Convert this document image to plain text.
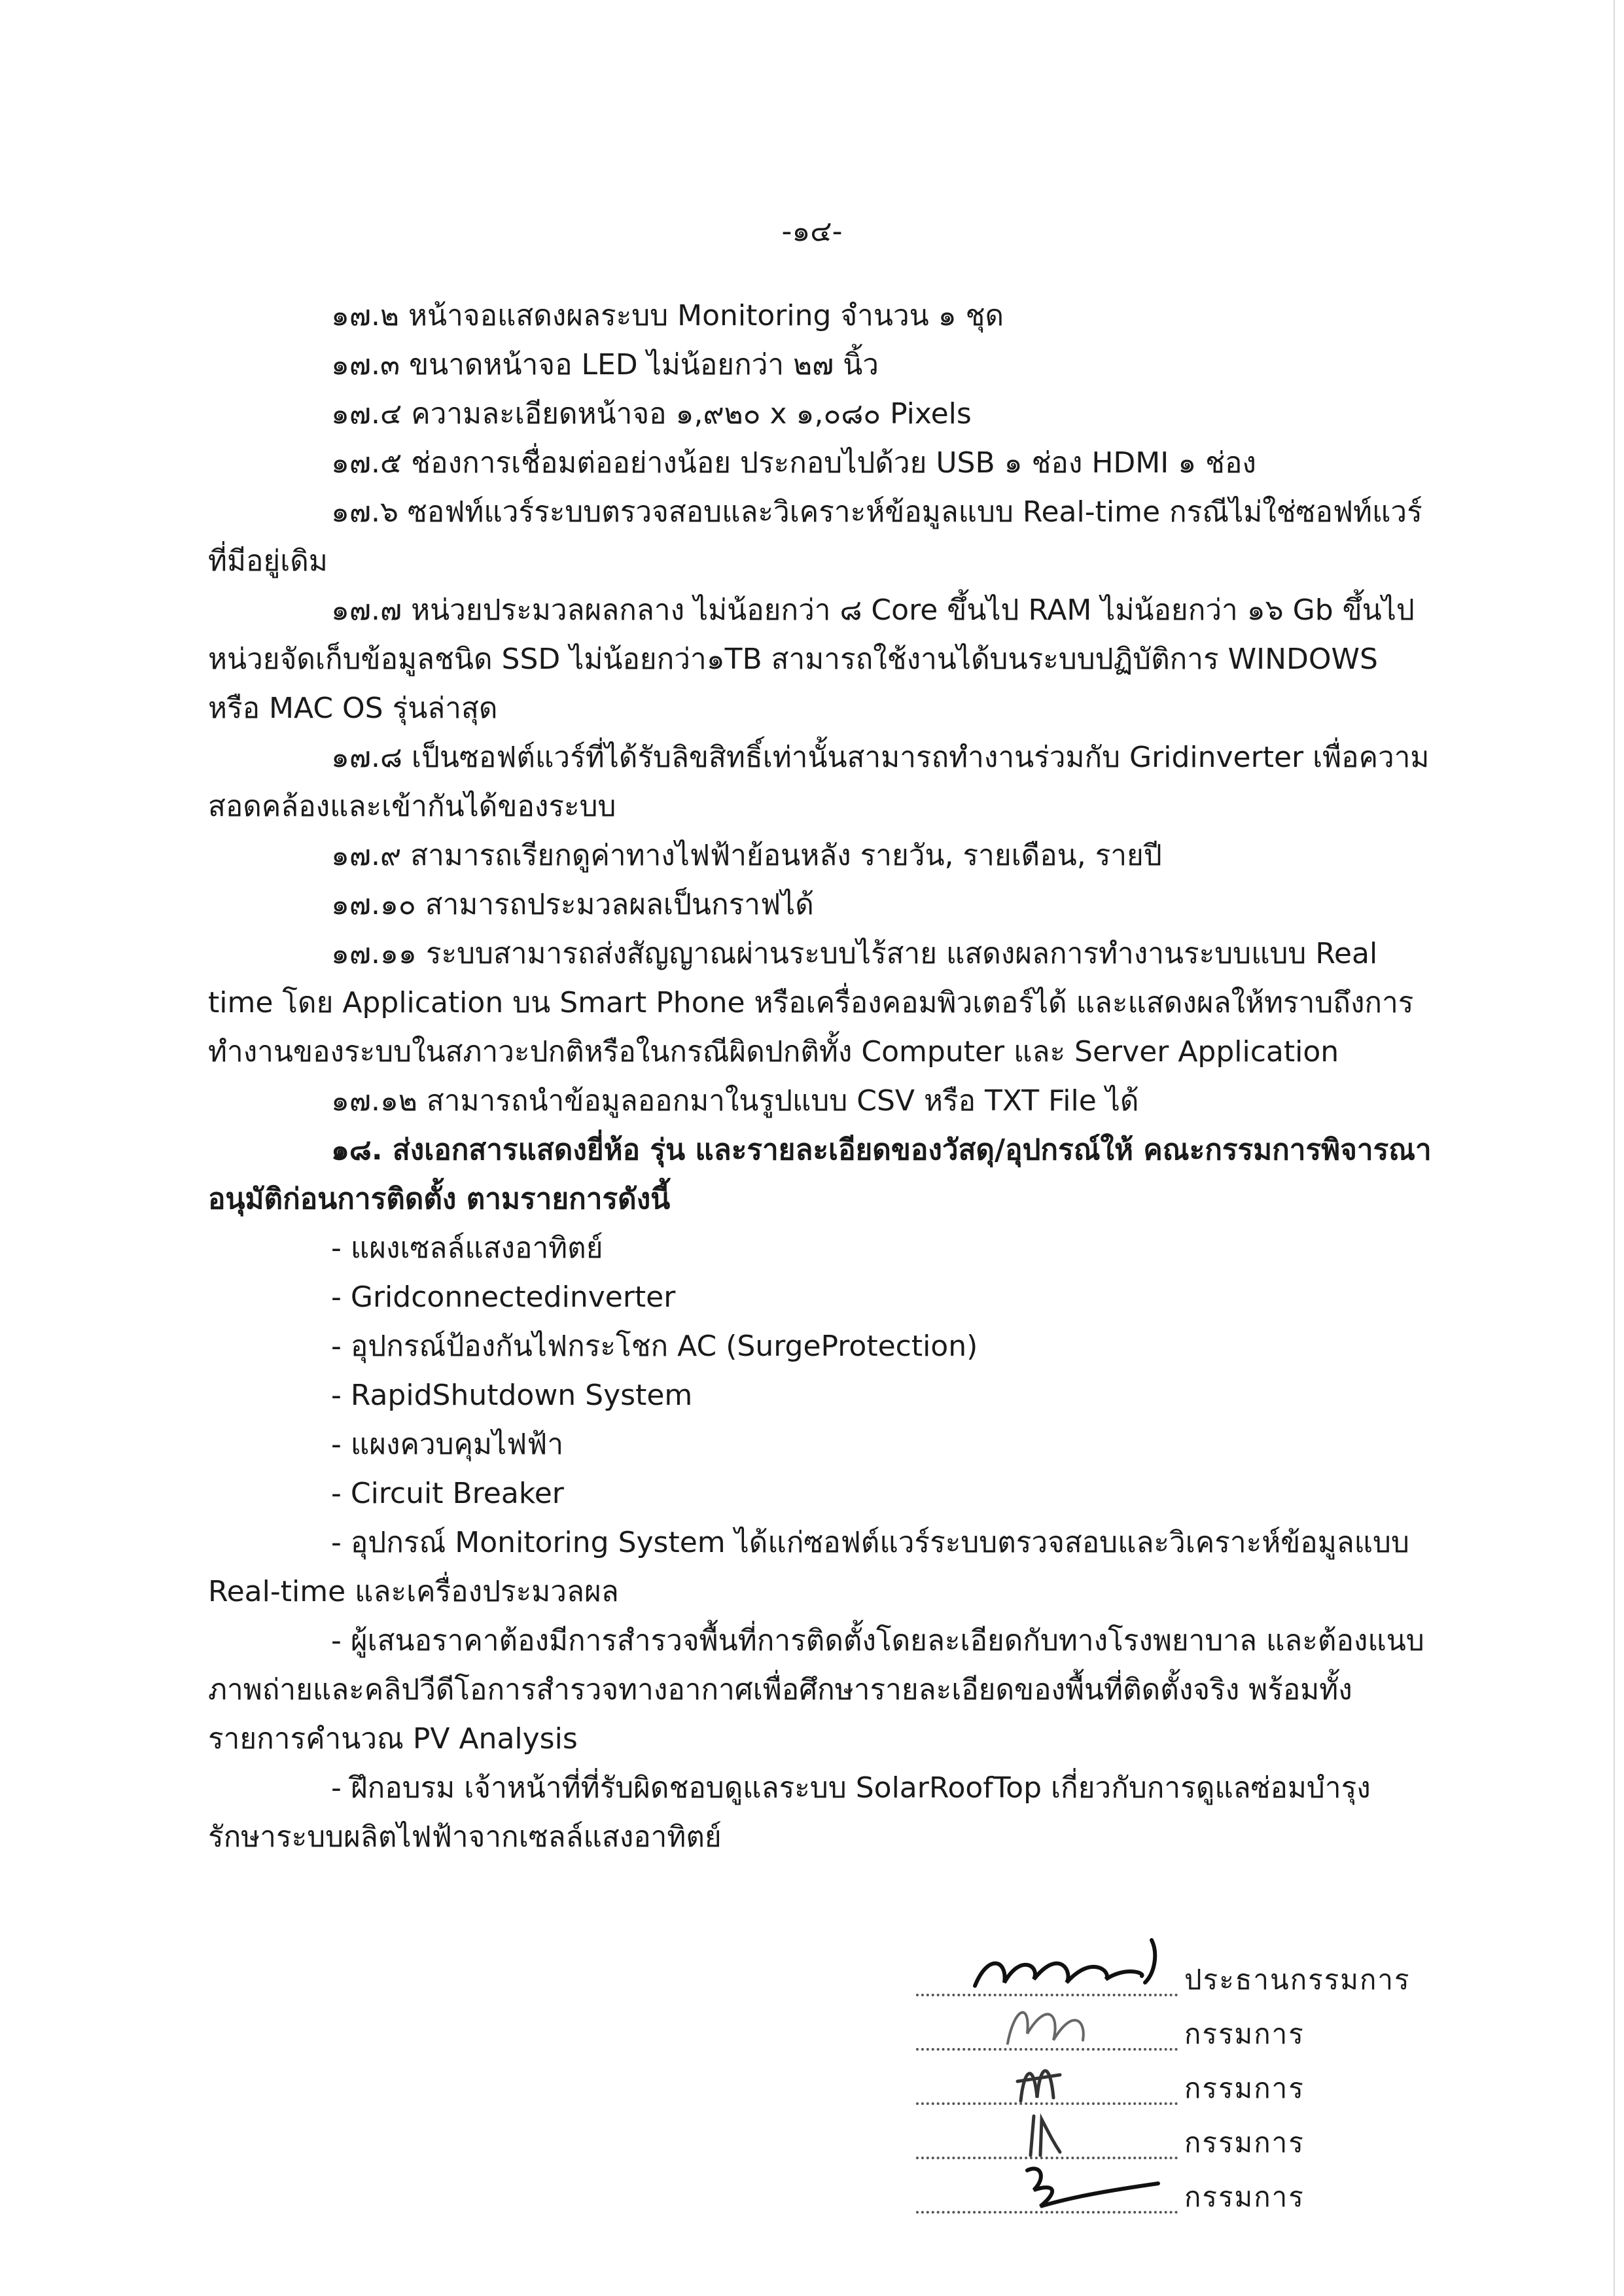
-๑๔-

๑๗.๒ หน้าจอแสดงผลระบบ Monitoring จำนวน ๑ ชุด

๑๗.๓ ขนาดหน้าจอ LED ไม่น้อยกว่า ๒๗ นิ้ว

๑๗.๔ ความละเอียดหน้าจอ ๑,๙๒๐ x ๑,๐๘๐ Pixels

๑๗.๕ ช่องการเชื่อมต่ออย่างน้อย ประกอบไปด้วย USB ๑ ช่อง HDMI ๑ ช่อง

๑๗.๖ ซอฟท์แวร์ระบบตรวจสอบและวิเคราะห์ข้อมูลแบบ Real-time กรณีไม่ใช่ซอฟท์แวร์ที่มีอยู่เดิม

๑๗.๗ หน่วยประมวลผลกลาง ไม่น้อยกว่า ๘ Core ขึ้นไป RAM ไม่น้อยกว่า ๑๖ Gb ขึ้นไป หน่วยจัดเก็บข้อมูลชนิด SSD ไม่น้อยกว่า๑TB สามารถใช้งานได้บนระบบปฏิบัติการ WINDOWS หรือ MAC OS รุ่นล่าสุด

๑๗.๘ เป็นซอฟต์แวร์ที่ได้รับลิขสิทธิ์เท่านั้นสามารถทำงานร่วมกับ Gridinverter เพื่อความสอดคล้องและเข้ากันได้ของระบบ

๑๗.๙ สามารถเรียกดูค่าทางไฟฟ้าย้อนหลัง รายวัน, รายเดือน, รายปี

๑๗.๑๐ สามารถประมวลผลเป็นกราฟได้

๑๗.๑๑ ระบบสามารถส่งสัญญาณผ่านระบบไร้สาย แสดงผลการทำงานระบบแบบ Real time โดย Application บน Smart Phone หรือเครื่องคอมพิวเตอร์ได้ และแสดงผลให้ทราบถึงการทำงานของระบบในสภาวะปกติหรือในกรณีผิดปกติทั้ง Computer และ Server Application

๑๗.๑๒ สามารถนำข้อมูลออกมาในรูปแบบ CSV หรือ TXT File ได้

๑๘. ส่งเอกสารแสดงยี่ห้อ รุ่น และรายละเอียดของวัสดุ/อุปกรณ์ให้ คณะกรรมการพิจารณาอนุมัติก่อนการติดตั้ง ตามรายการดังนี้

- แผงเซลล์แสงอาทิตย์

- Gridconnectedinverter

- อุปกรณ์ป้องกันไฟกระโชก AC (SurgeProtection)

- RapidShutdown System

- แผงควบคุมไฟฟ้า

- Circuit Breaker

- อุปกรณ์ Monitoring System ได้แก่ซอฟต์แวร์ระบบตรวจสอบและวิเคราะห์ข้อมูลแบบ Real-time และเครื่องประมวลผล

- ผู้เสนอราคาต้องมีการสำรวจพื้นที่การติดตั้งโดยละเอียดกับทางโรงพยาบาล และต้องแนบภาพถ่ายและคลิปวีดีโอการสำรวจทางอากาศเพื่อศึกษารายละเอียดของพื้นที่ติดตั้งจริง พร้อมทั้งรายการคำนวณ PV Analysis

- ฝึกอบรม เจ้าหน้าที่ที่รับผิดชอบดูแลระบบ SolarRoofTop เกี่ยวกับการดูแลซ่อมบำรุงรักษาระบบผลิตไฟฟ้าจากเซลล์แสงอาทิตย์

ประธานกรรมการ
กรรมการ
กรรมการ
กรรมการ
กรรมการ
